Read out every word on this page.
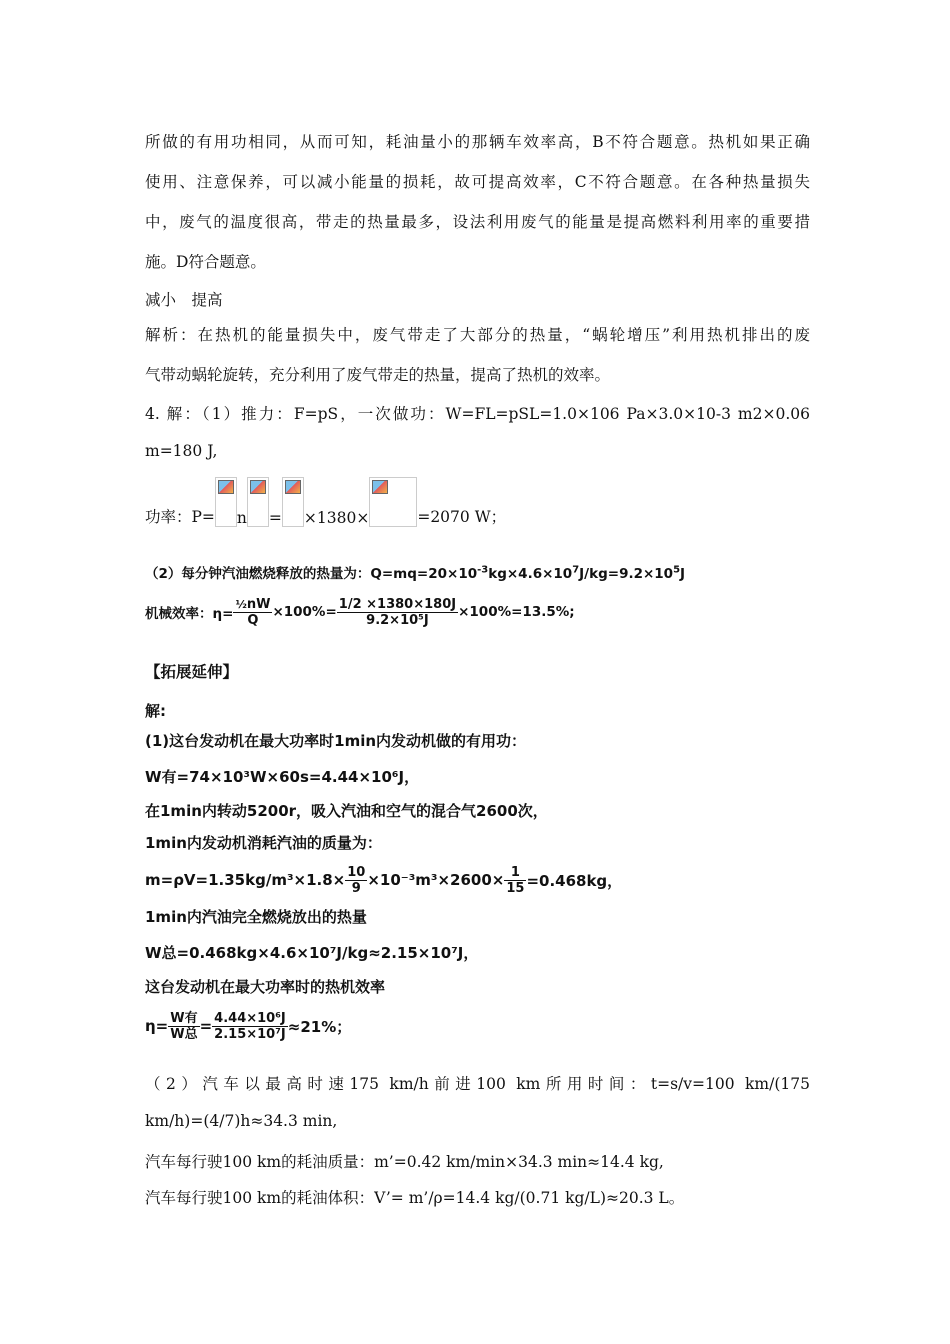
所做的有用功相同，从而可知，耗油量小的那辆车效率高，B不符合题意。热机如果正确
使用、注意保养，可以减小能量的损耗，故可提高效率，C不符合题意。在各种热量损失
中，废气的温度很高，带走的热量最多，设法利用废气的能量是提高燃料利用率的重要措
施。D符合题意。
减小　提高
解析：在热机的能量损失中，废气带走了大部分的热量，“蜗轮增压”利用热机排出的废
气带动蜗轮旋转，充分利用了废气带走的热量，提高了热机的效率。
4. 解：（1）推力：F=pS，一次做功：W=FL=pSL=1.0×106 Pa×3.0×10-3 m2×0.06
m=180 J,
功率：P= n = ×1380×	=2070 W；
（2）每分钟汽油燃烧释放的热量为：$Q=mq=20\times 10^{-3}kg\times 4.6\times 10^7J/kg=9.2\times 10^5J$
机械效率：$\eta= \frac{\text{½nW}}{Q} \times 100\%= \frac{1/2 \times 1380\times 180J}{\text{9.2×10⁵J}} \times 100\%=13.5\%$;
【拓展延伸】
解:
(1)这台发动机在最大功率时1min内发动机做的有用功：
W有=74×10³W×60s=4.44×10⁶J，
在1min内转动5200r，吸入汽油和空气的混合气2600次，
1min内发动机消耗汽油的质量为：
$m=\rho V=1.35kg/m^3\times 1.8\times \frac{10}{9} \times 10^{-3}m^3\times 2600\times \frac{1}{15} =0.468kg$，
1min内汽油完全燃烧放出的热量
W总=0.468kg×4.6×10⁷J/kg≈2.15×10⁷J，
这台发动机在最大功率时的热机效率
$\eta= \frac{\text{W有}}{\text{W总}} = \frac{\text{4.44×10⁶J}}{\text{2.15×10⁷J}} \approx 21\%$；
（2）汽车以最高时速175 km/h前进100 km所用时间：t=s/v=100 km/(175
km/h)=(4/7)h≈34.3 min,
汽车每行驶100 km的耗油质量：m’=0.42 km/min×34.3 min≈14.4 kg,
汽车每行驶100 km的耗油体积：V’= m’/ρ=14.4 kg/(0.71 kg/L)≈20.3 L。
